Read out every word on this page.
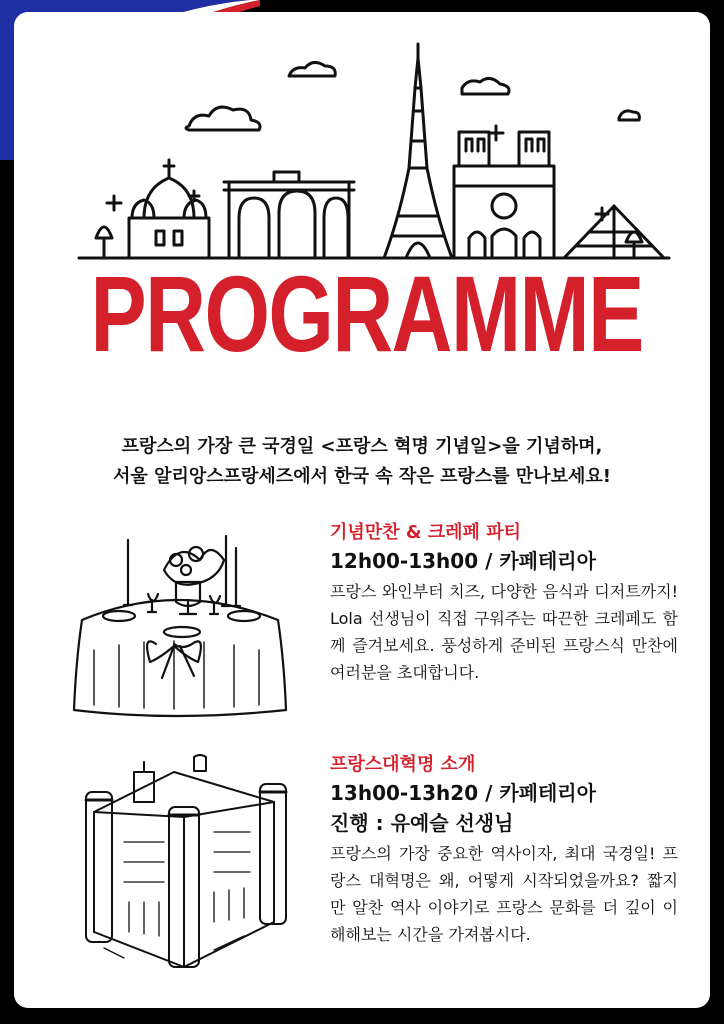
PROGRAMME
프랑스의 가장 큰 국경일 <프랑스 혁명 기념일>을 기념하며,
서울 알리앙스프랑세즈에서 한국 속 작은 프랑스를 만나보세요!
기념만찬 & 크레페 파티
12h00-13h00 / 카페테리아
프랑스 와인부터 치즈, 다양한 음식과 디저트까지! Lola 선생님이 직접 구워주는 따끈한 크레페도 함께 즐겨보세요. 풍성하게 준비된 프랑스식 만찬에 여러분을 초대합니다.
프랑스대혁명 소개
13h00-13h20 / 카페테리아
진행 : 유예슬 선생님
프랑스의 가장 중요한 역사이자, 최대 국경일! 프랑스 대혁명은 왜, 어떻게 시작되었을까요? 짧지만 알찬 역사 이야기로 프랑스 문화를 더 깊이 이해해보는 시간을 가져봅시다.
